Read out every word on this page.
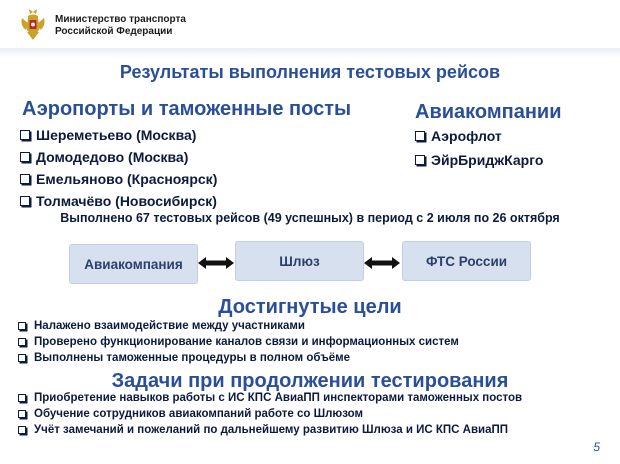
Министерство транспорта
Российской Федерации
Результаты выполнения тестовых рейсов
Аэропорты и таможенные посты
Шереметьево (Москва)
Домодедово (Москва)
Емельяново (Красноярск)
Толмачёво (Новосибирск)
Авиакомпании
Аэрофлот
ЭйрБриджКарго
Выполнено 67 тестовых рейсов (49 успешных) в период с 2 июля по 26 октября
Авиакомпания	Шлюз	ФТС России
Достигнутые цели
Налажено взаимодействие между участниками
Проверено функционирование каналов связи и информационных систем
Выполнены таможенные процедуры в полном объёме
Задачи при продолжении тестирования
Приобретение навыков работы с ИС КПС АвиаПП инспекторами таможенных постов
Обучение сотрудников авиакомпаний работе со Шлюзом
Учёт замечаний и пожеланий по дальнейшему развитию Шлюза и ИС КПС АвиаПП
5
